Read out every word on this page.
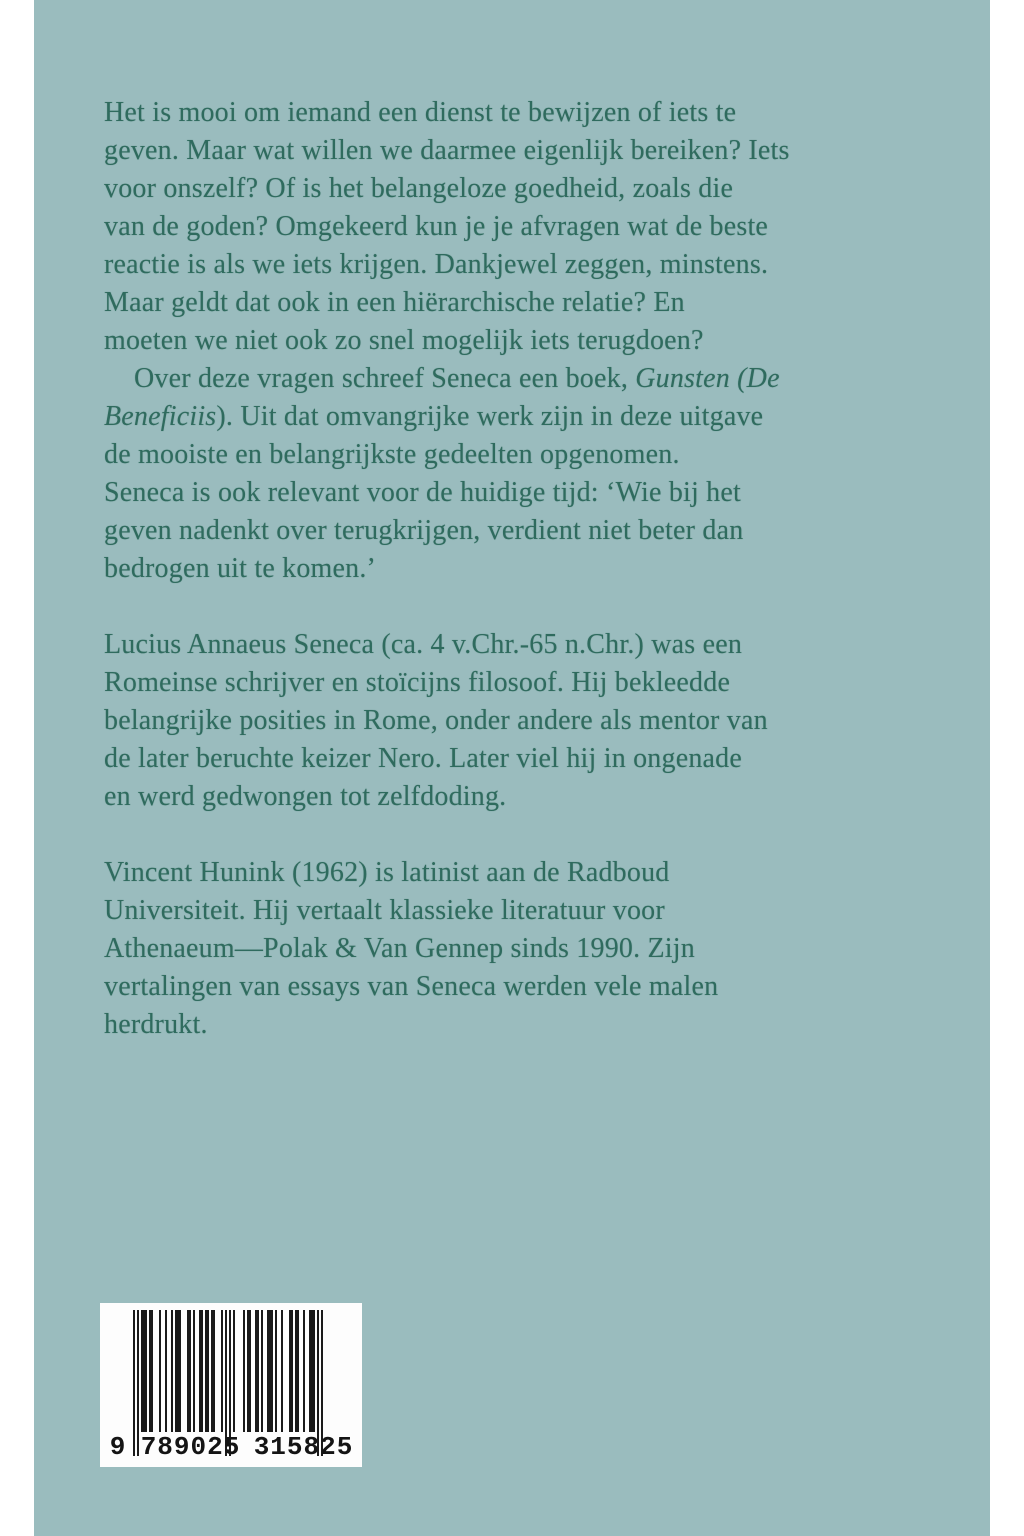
Het is mooi om iemand een dienst te bewijzen of iets te
geven. Maar wat willen we daarmee eigenlijk bereiken? Iets
voor onszelf? Of is het belangeloze goedheid, zoals die
van de goden? Omgekeerd kun je je afvragen wat de beste
reactie is als we iets krijgen. Dankjewel zeggen, minstens.
Maar geldt dat ook in een hiërarchische relatie? En
moeten we niet ook zo snel mogelijk iets terugdoen?
Over deze vragen schreef Seneca een boek, Gunsten (De
Beneficiis). Uit dat omvangrijke werk zijn in deze uitgave
de mooiste en belangrijkste gedeelten opgenomen.
Seneca is ook relevant voor de huidige tijd: ‘Wie bij het
geven nadenkt over terugkrijgen, verdient niet beter dan
bedrogen uit te komen.’
Lucius Annaeus Seneca (ca. 4 v.Chr.-65 n.Chr.) was een
Romeinse schrijver en stoïcijns filosoof. Hij bekleedde
belangrijke posities in Rome, onder andere als mentor van
de later beruchte keizer Nero. Later viel hij in ongenade
en werd gedwongen tot zelfdoding.
Vincent Hunink (1962) is latinist aan de Radboud
Universiteit. Hij vertaalt klassieke literatuur voor
Athenaeum—Polak & Van Gennep sinds 1990. Zijn
vertalingen van essays van Seneca werden vele malen
herdrukt.
9 789025 315825
